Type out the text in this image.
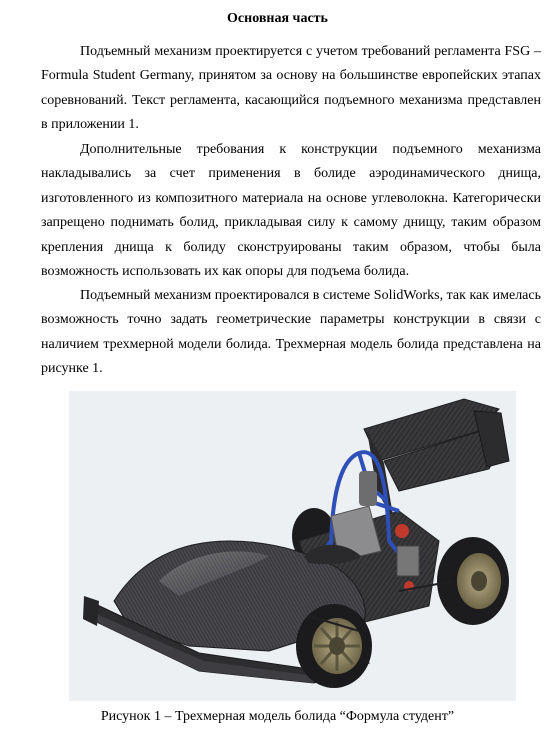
Основная часть

Подъемный механизм проектируется с учетом требований регламента FSG – Formula Student Germany, принятом за основу на большинстве европейских этапах соревнований. Текст регламента, касающийся подъемного механизма представлен в приложении 1.

Дополнительные требования к конструкции подъемного механизма накладывались за счет применения в болиде аэродинамического днища, изготовленного из композитного материала на основе углеволокна. Категорически запрещено поднимать болид, прикладывая силу к самому днищу, таким образом крепления днища к болиду сконструированы таким образом, чтобы была возможность использовать их как опоры для подъема болида.

Подъемный механизм проектировался в системе SolidWorks, так как имелась возможность точно задать геометрические параметры конструкции в связи с наличием трехмерной модели болида. Трехмерная модель болида представлена на рисунке 1.

Рисунок 1 – Трехмерная модель болида “Формула студент”
